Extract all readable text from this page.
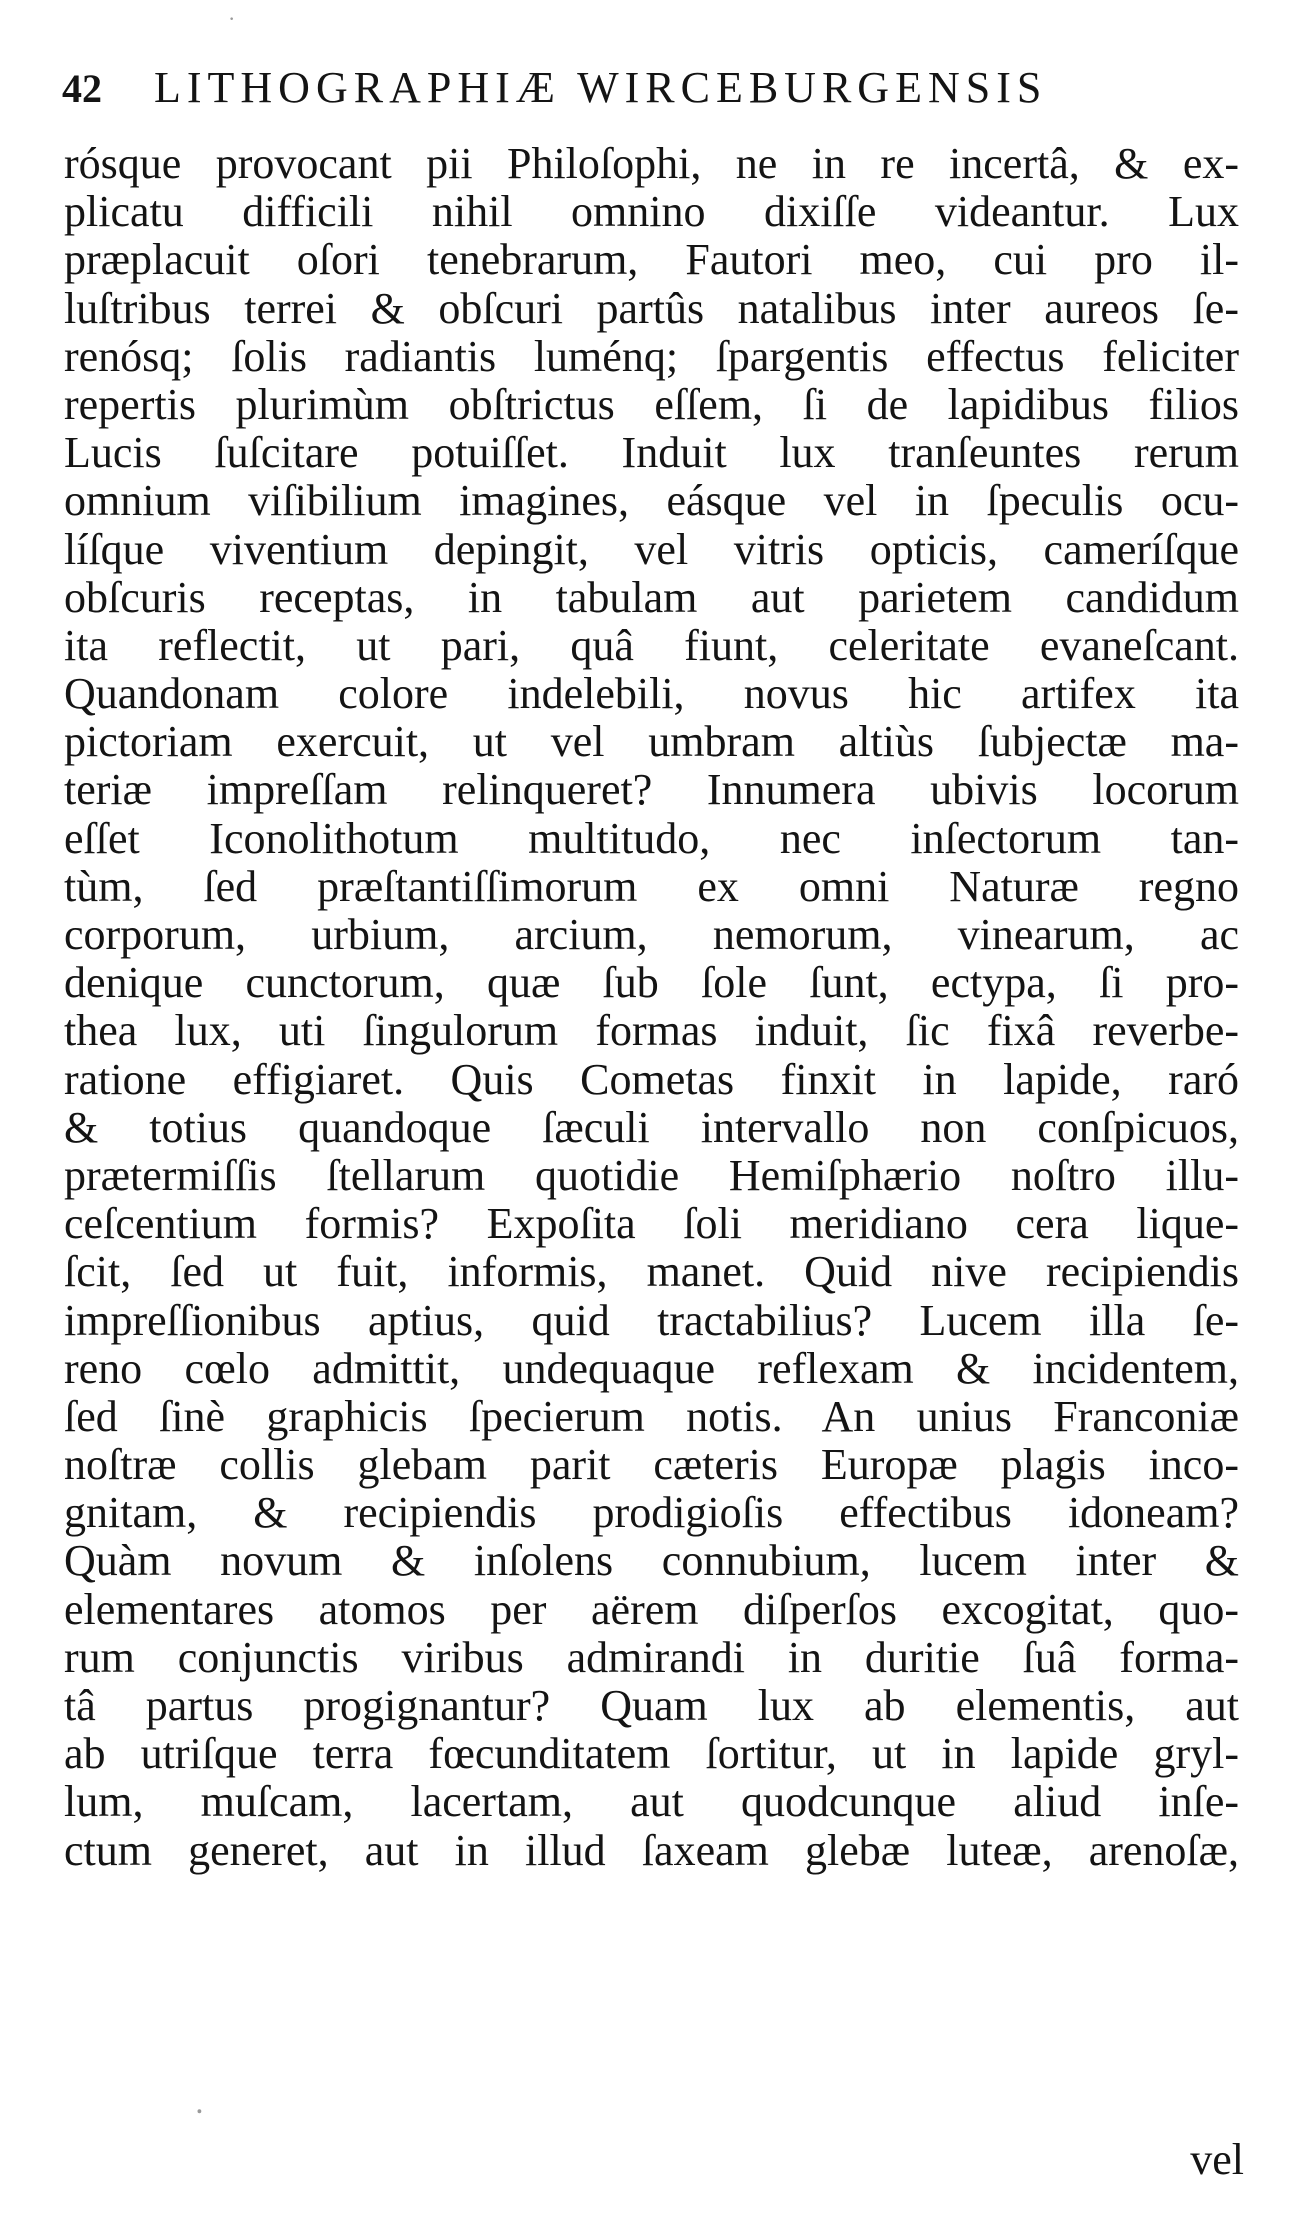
·
42 LITHOGRAPHIÆ WIRCEBURGENSIS
rósque provocant pii Philoſophi, ne in re incertâ, & ex-
plicatu difficili nihil omnino dixiſſe videantur. Lux
præplacuit oſori tenebrarum, Fautori meo, cui pro il-
luſtribus terrei & obſcuri partûs natalibus inter aureos ſe-
renósq; ſolis radiantis luménq; ſpargentis effectus feliciter
repertis plurimùm obſtrictus eſſem, ſi de lapidibus filios
Lucis ſuſcitare potuiſſet. Induit lux tranſeuntes rerum
omnium viſibilium imagines, eásque vel in ſpeculis ocu-
líſque viventium depingit, vel vitris opticis, cameríſque
obſcuris receptas, in tabulam aut parietem candidum
ita reflectit, ut pari, quâ fiunt, celeritate evaneſcant.
Quandonam colore indelebili, novus hic artifex ita
pictoriam exercuit, ut vel umbram altiùs ſubjectæ ma-
teriæ impreſſam relinqueret? Innumera ubivis locorum
eſſet Iconolithotum multitudo, nec inſectorum tan-
tùm, ſed præſtantiſſimorum ex omni Naturæ regno
corporum, urbium, arcium, nemorum, vinearum, ac
denique cunctorum, quæ ſub ſole ſunt, ectypa, ſi pro-
thea lux, uti ſingulorum formas induit, ſic fixâ reverbe-
ratione effigiaret. Quis Cometas finxit in lapide, raró
& totius quandoque ſæculi intervallo non conſpicuos,
prætermiſſis ſtellarum quotidie Hemiſphærio noſtro illu-
ceſcentium formis? Expoſita ſoli meridiano cera lique-
ſcit, ſed ut fuit, informis, manet. Quid nive recipiendis
impreſſionibus aptius, quid tractabilius? Lucem illa ſe-
reno cœlo admittit, undequaque reflexam & incidentem,
ſed ſinè graphicis ſpecierum notis. An unius Franconiæ
noſtræ collis glebam parit cæteris Europæ plagis inco-
gnitam, & recipiendis prodigioſis effectibus idoneam?
Quàm novum & inſolens connubium, lucem inter &
elementares atomos per aërem diſperſos excogitat, quo-
rum conjunctis viribus admirandi in duritie ſuâ forma-
tâ partus progignantur? Quam lux ab elementis, aut
ab utriſque terra fœcunditatem ſortitur, ut in lapide gryl-
lum, muſcam, lacertam, aut quodcunque aliud inſe-
ctum generet, aut in illud ſaxeam glebæ luteæ, arenoſæ,
vel
ꞏ
